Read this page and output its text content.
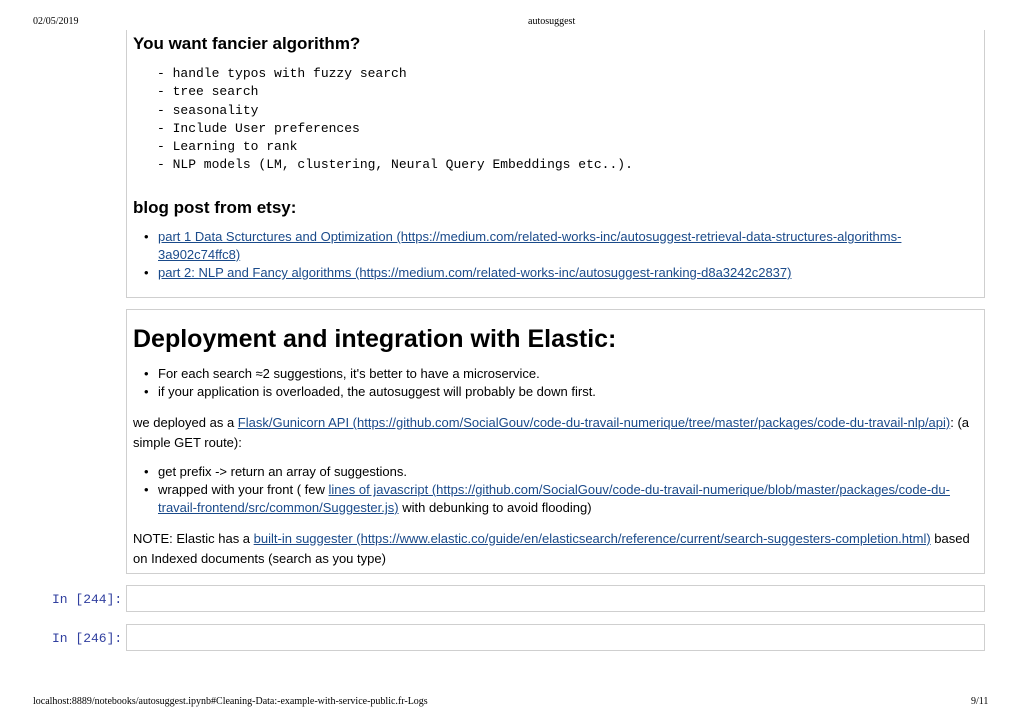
02/05/2019	autosuggest
You want fancier algorithm?
- handle typos with fuzzy search
- tree search
- seasonality
- Include User preferences
- Learning to rank
- NLP models (LM, clustering, Neural Query Embeddings etc..).
blog post from etsy:
• part 1 Data Scturctures and Optimization (https://medium.com/related-works-inc/autosuggest-retrieval-data-structures-algorithms-3a902c74ffc8)
• part 2: NLP and Fancy algorithms (https://medium.com/related-works-inc/autosuggest-ranking-d8a3242c2837)
Deployment and integration with Elastic:
• For each search ≈2 suggestions, it's better to have a microservice.
• if your application is overloaded, the autosuggest will probably be down first.

we deployed as a Flask/Gunicorn API (https://github.com/SocialGouv/code-du-travail-numerique/tree/master/packages/code-du-travail-nlp/api): (a simple GET route):

• get prefix -> return an array of suggestions.
• wrapped with your front ( few lines of javascript (https://github.com/SocialGouv/code-du-travail-numerique/blob/master/packages/code-du-travail-frontend/src/common/Suggester.js) with debunking to avoid flooding)

NOTE: Elastic has a built-in suggester (https://www.elastic.co/guide/en/elasticsearch/reference/current/search-suggesters-completion.html) based on Indexed documents (search as you type)

In [244]:
In [246]:
localhost:8889/notebooks/autosuggest.ipynb#Cleaning-Data:-example-with-service-public.fr-Logs	9/11
